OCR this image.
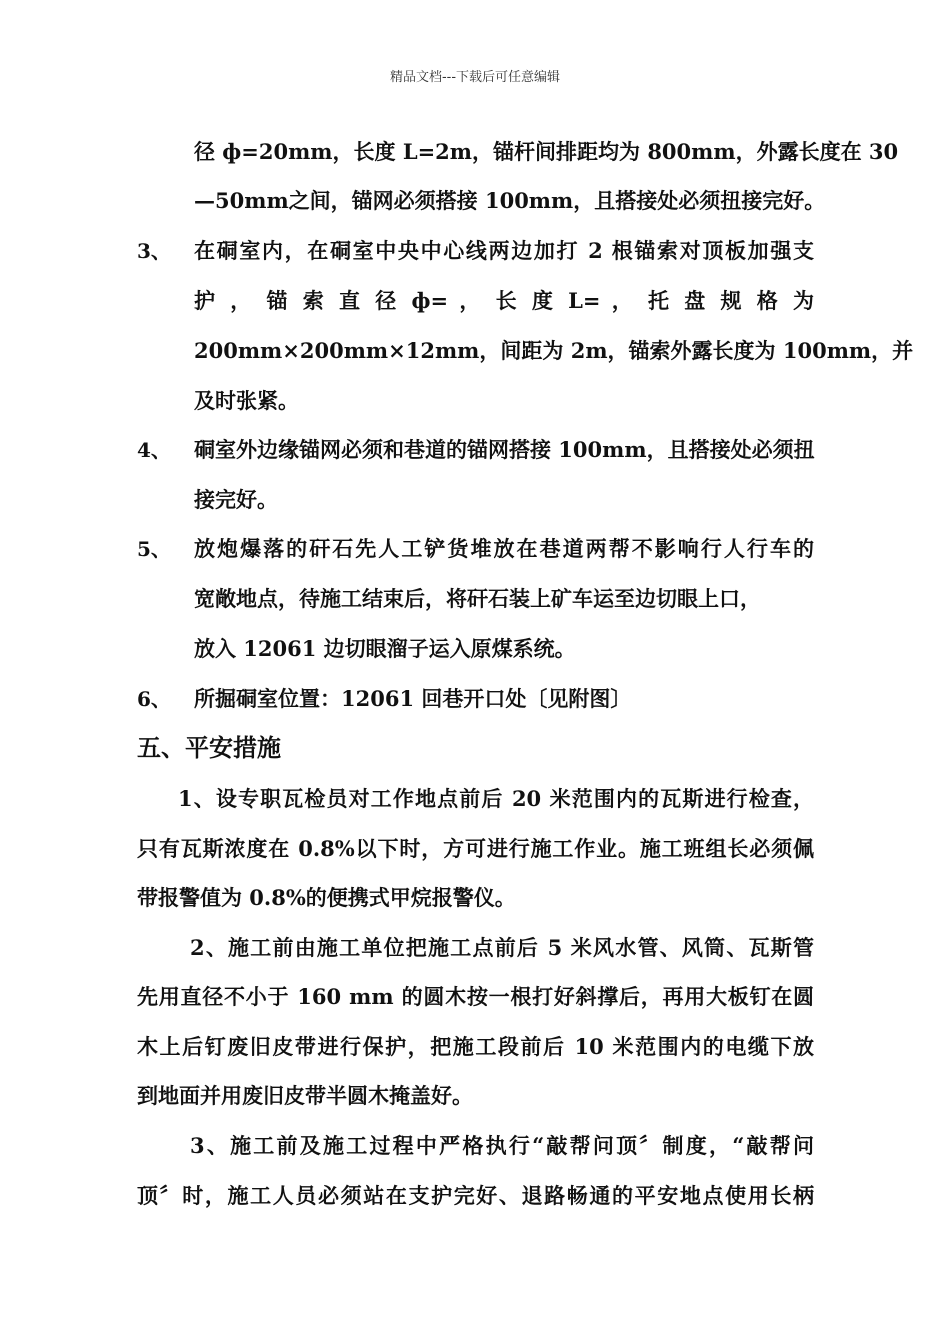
精品文档---下载后可任意编辑
径 ф=20mm，长度 L=2m，锚杆间排距均为 800mm，外露长度在 30
—50mm之间，锚网必须搭接 100mm，且搭接处必须扭接完好。
3、 在硐室内，在硐室中央中心线两边加打 2 根锚索对顶板加强支
护 ， 锚 索 直 径 ф= ， 长 度 L= ， 托 盘 规 格 为
200mm×200mm×12mm，间距为 2m，锚索外露长度为 100mm，并
及时张紧。
4、 硐室外边缘锚网必须和巷道的锚网搭接 100mm，且搭接处必须扭
接完好。
5、 放炮爆落的矸石先人工铲货堆放在巷道两帮不影响行人行车的
宽敞地点，待施工结束后，将矸石装上矿车运至边切眼上口，
放入 12061 边切眼溜子运入原煤系统。
6、 所掘硐室位置：12061 回巷开口处〔见附图〕
五、平安措施
1、设专职瓦检员对工作地点前后 20 米范围内的瓦斯进行检查，
只有瓦斯浓度在 0.8%以下时，方可进行施工作业。施工班组长必须佩
带报警值为 0.8%的便携式甲烷报警仪。
2、施工前由施工单位把施工点前后 5 米风水管、风筒、瓦斯管
先用直径不小于 160 mm 的圆木按一根打好斜撑后，再用大板钉在圆
木上后钉废旧皮带进行保护，把施工段前后 10 米范围内的电缆下放
到地面并用废旧皮带半圆木掩盖好。
3、施工前及施工过程中严格执行“敲帮问顶〞制度，“敲帮问
顶〞时，施工人员必须站在支护完好、退路畅通的平安地点使用长柄
